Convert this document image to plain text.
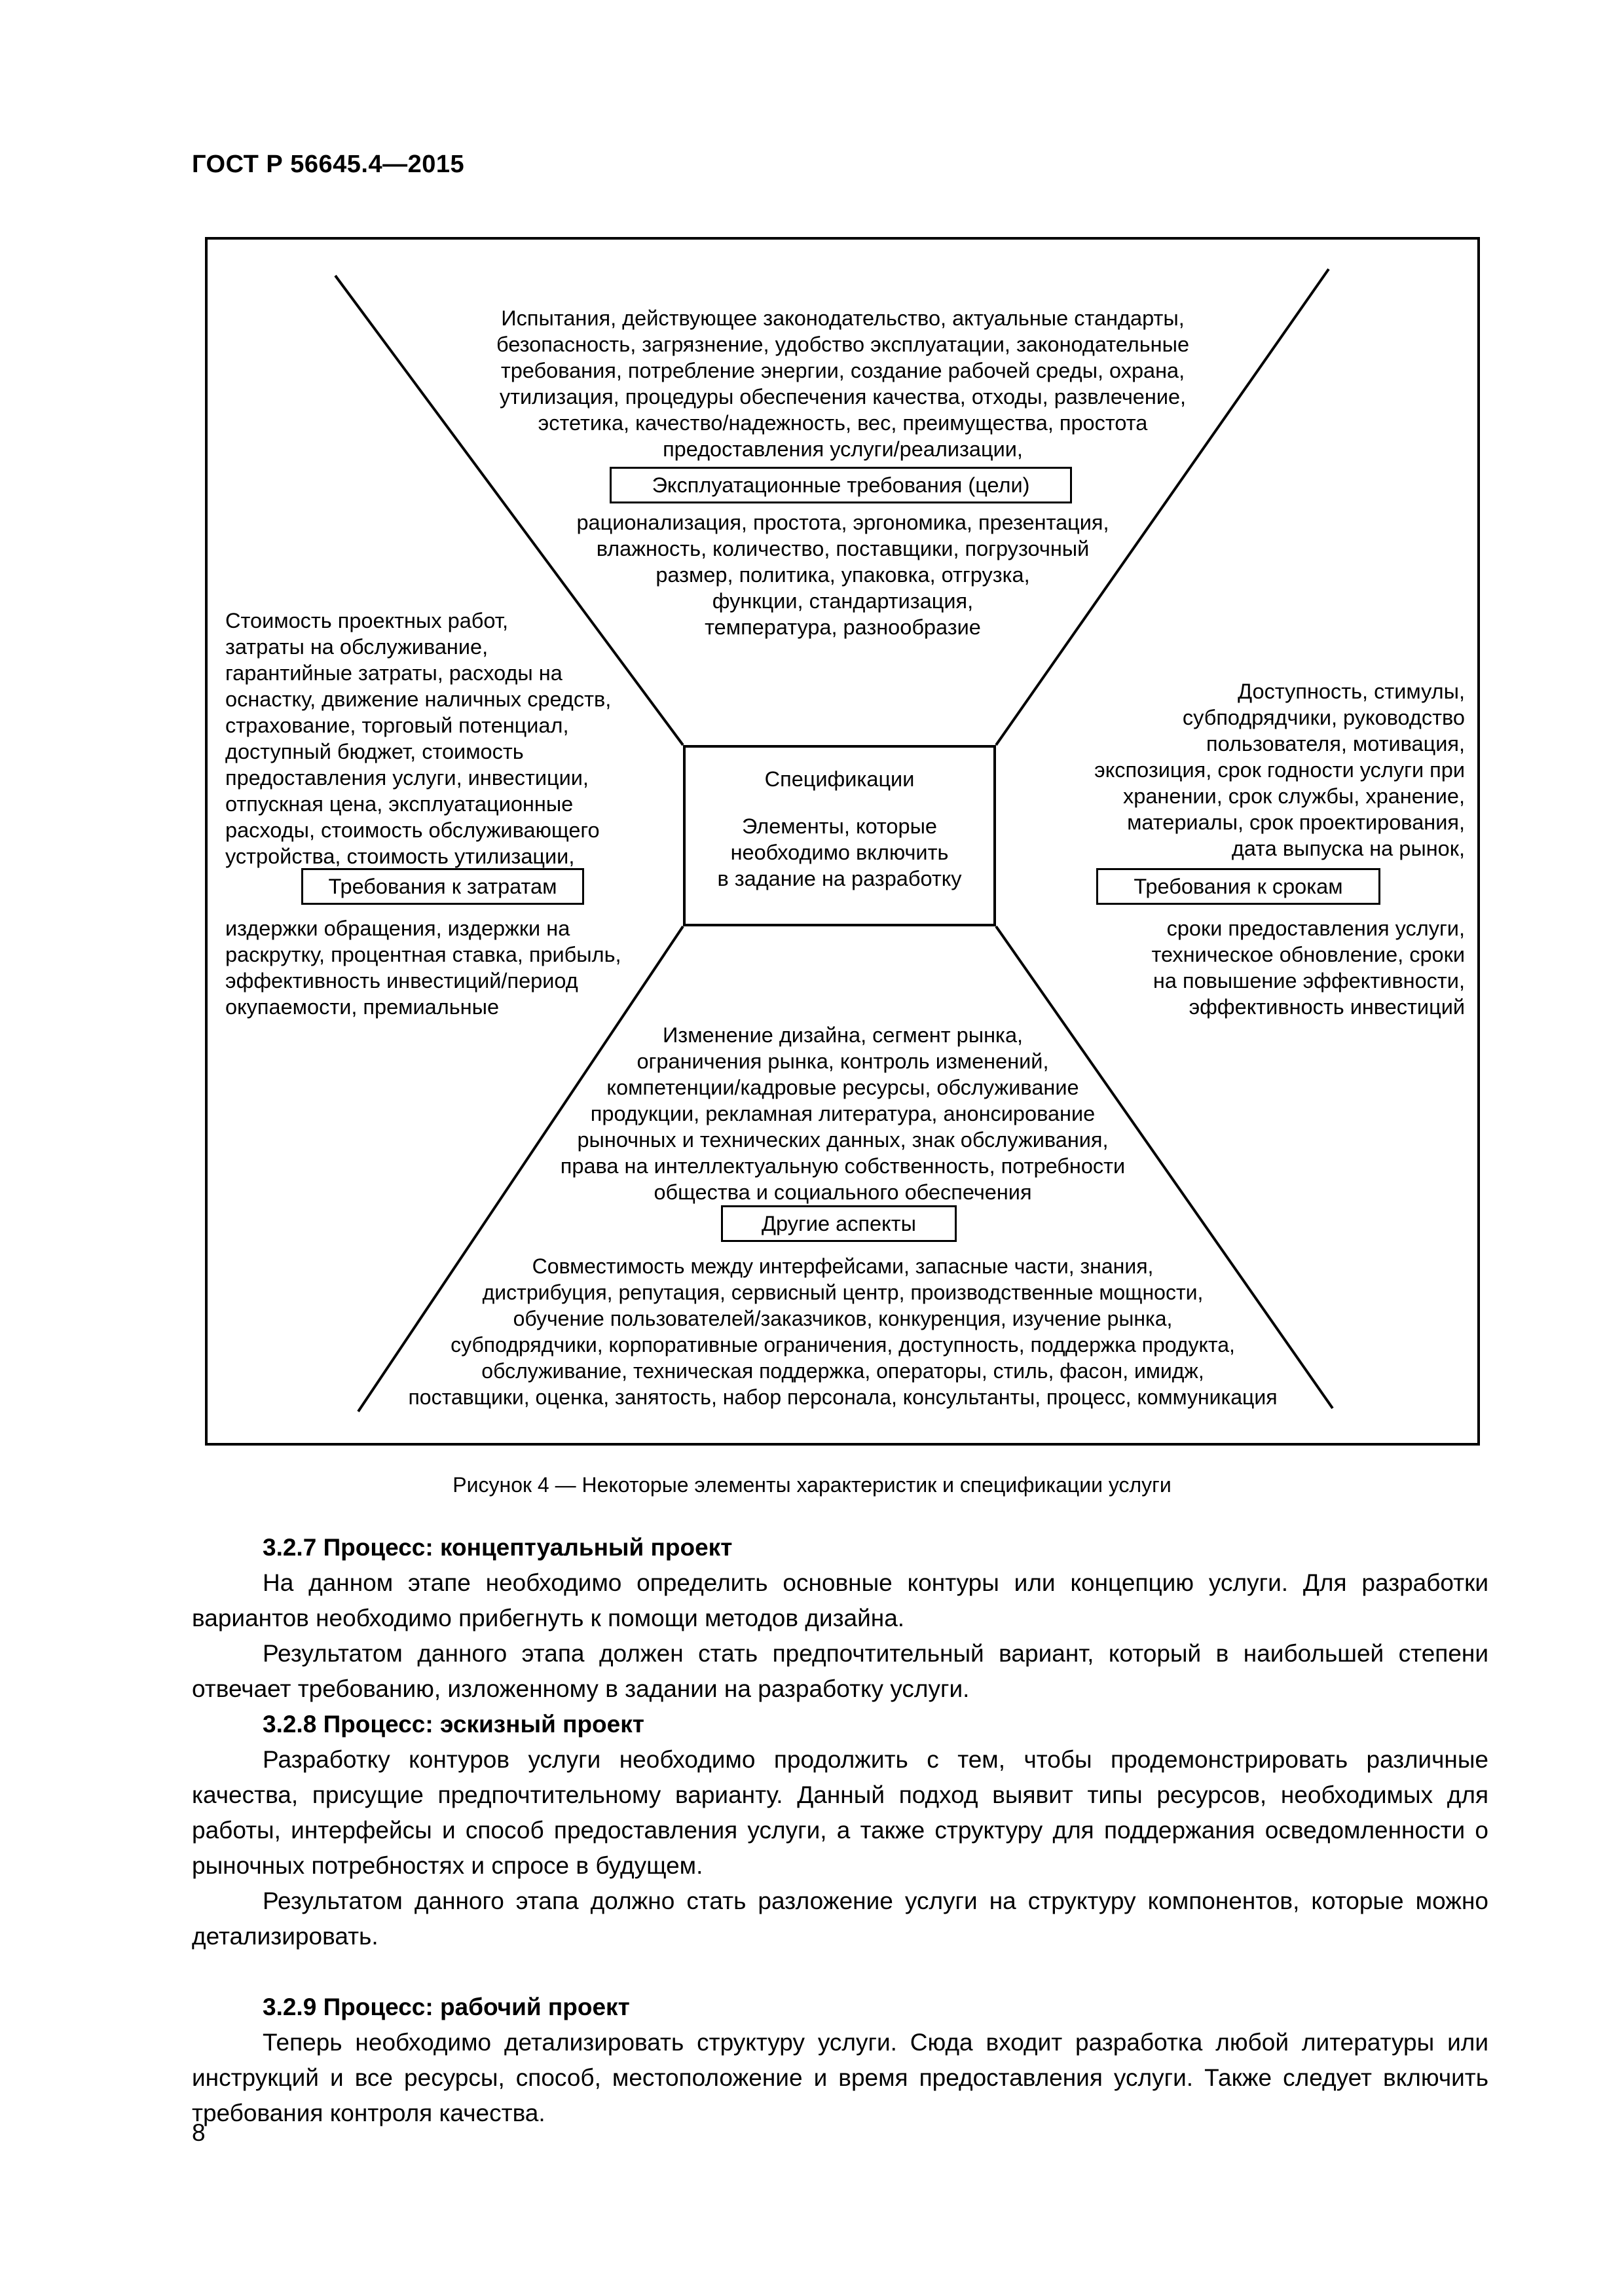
ГОСТ Р 56645.4—2015
Испытания, действующее законодательство, актуальные стандарты,
безопасность, загрязнение, удобство эксплуатации, законодательные
требования, потребление энергии, создание рабочей среды, охрана,
утилизация, процедуры обеспечения качества, отходы, развлечение,
эстетика, качество/надежность, вес, преимущества, простота
предоставления услуги/реализации,
Эксплуатационные требования (цели)
рационализация, простота, эргономика, презентация,
влажность, количество, поставщики, погрузочный
размер, политика, упаковка, отгрузка,
функции, стандартизация,
температура, разнообразие
Стоимость проектных работ,
затраты на обслуживание,
гарантийные затраты, расходы на
оснастку, движение наличных средств,
страхование, торговый потенциал,
доступный бюджет, стоимость
предоставления услуги, инвестиции,
отпускная цена, эксплуатационные
расходы, стоимость обслуживающего
устройства, стоимость утилизации,
Требования к затратам
издержки обращения, издержки на
раскрутку, процентная ставка, прибыль,
эффективность инвестиций/период
окупаемости, премиальные
Спецификации
Элементы, которые
необходимо включить
в задание на разработку
Доступность, стимулы,
субподрядчики, руководство
пользователя, мотивация,
экспозиция, срок годности услуги при
хранении, срок службы, хранение,
материалы, срок проектирования,
дата выпуска на рынок,
Требования к срокам
сроки предоставления услуги,
техническое обновление, сроки
на повышение эффективности,
эффективность инвестиций
Изменение дизайна, сегмент рынка,
ограничения рынка, контроль изменений,
компетенции/кадровые ресурсы, обслуживание
продукции, рекламная литература, анонсирование
рыночных и технических данных, знак обслуживания,
права на интеллектуальную собственность, потребности
общества и социального обеспечения
Другие аспекты
Совместимость между интерфейсами, запасные части, знания,
дистрибуция, репутация, сервисный центр, производственные мощности,
обучение пользователей/заказчиков, конкуренция, изучение рынка,
субподрядчики, корпоративные ограничения, доступность, поддержка продукта,
обслуживание, техническая поддержка, операторы, стиль, фасон, имидж,
поставщики, оценка, занятость, набор персонала, консультанты, процесс, коммуникация
Рисунок 4 — Некоторые элементы характеристик и спецификации услуги
3.2.7 Процесс: концептуальный проект

На данном этапе необходимо определить основные контуры или концепцию услуги. Для разработки вариантов необходимо прибегнуть к помощи методов дизайна.

Результатом данного этапа должен стать предпочтительный вариант, который в наибольшей степени отвечает требованию, изложенному в задании на разработку услуги.

3.2.8 Процесс: эскизный проект

Разработку контуров услуги необходимо продолжить с тем, чтобы продемонстрировать различные качества, присущие предпочтительному варианту. Данный подход выявит типы ресурсов, необходимых для работы, интерфейсы и способ предоставления услуги, а также структуру для поддержания осведомленности о рыночных потребностях и спросе в будущем.

Результатом данного этапа должно стать разложение услуги на структуру компонентов, которые можно детализировать.

3.2.9 Процесс: рабочий проект

Теперь необходимо детализировать структуру услуги. Сюда входит разработка любой литературы или инструкций и все ресурсы, способ, местоположение и время предоставления услуги. Также следует включить требования контроля качества.

8
